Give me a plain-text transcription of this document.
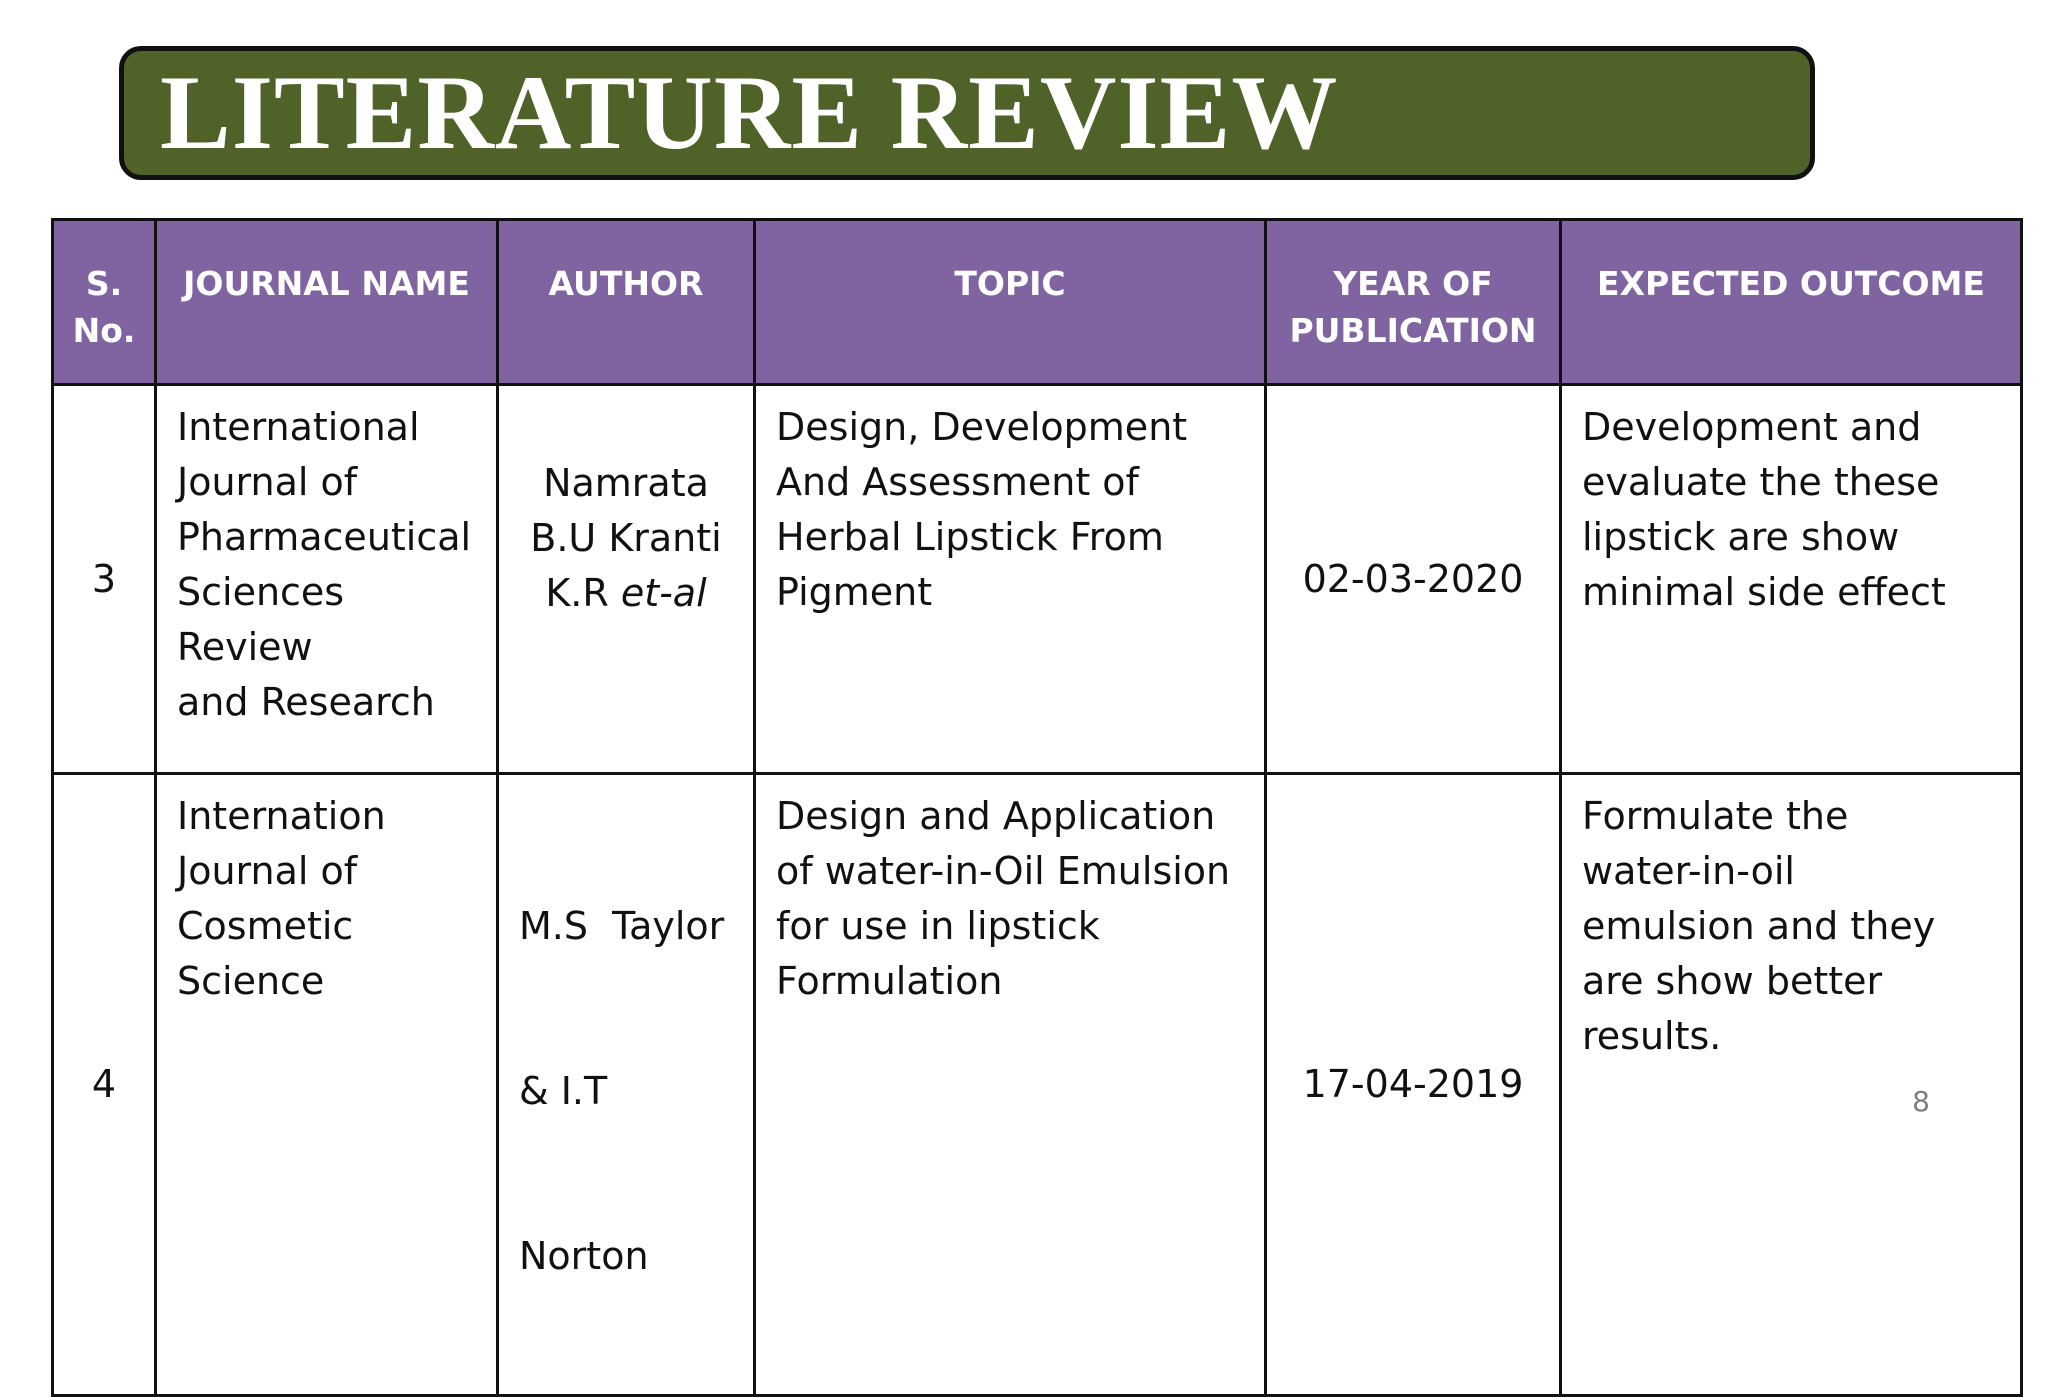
LITERATURE REVIEW
S.
No.	JOURNAL NAME	AUTHOR	TOPIC	YEAR OF
PUBLICATION	EXPECTED OUTCOME

3	International
Journal of
Pharmaceutical
Sciences Review
and Research	Namrata
B.U Kranti
K.R et-al	Design, Development
And Assessment of
Herbal Lipstick From
Pigment	02-03-2020	Development and
evaluate the these
lipstick are show
minimal side effect

4	Internation
Journal of
Cosmetic
Science	M.S  Taylor

& I.T

Norton	Design and Application
of water-in-Oil Emulsion
for use in lipstick
Formulation	17-04-2019	Formulate the
water-in-oil
emulsion and they
are show better
results.
8
